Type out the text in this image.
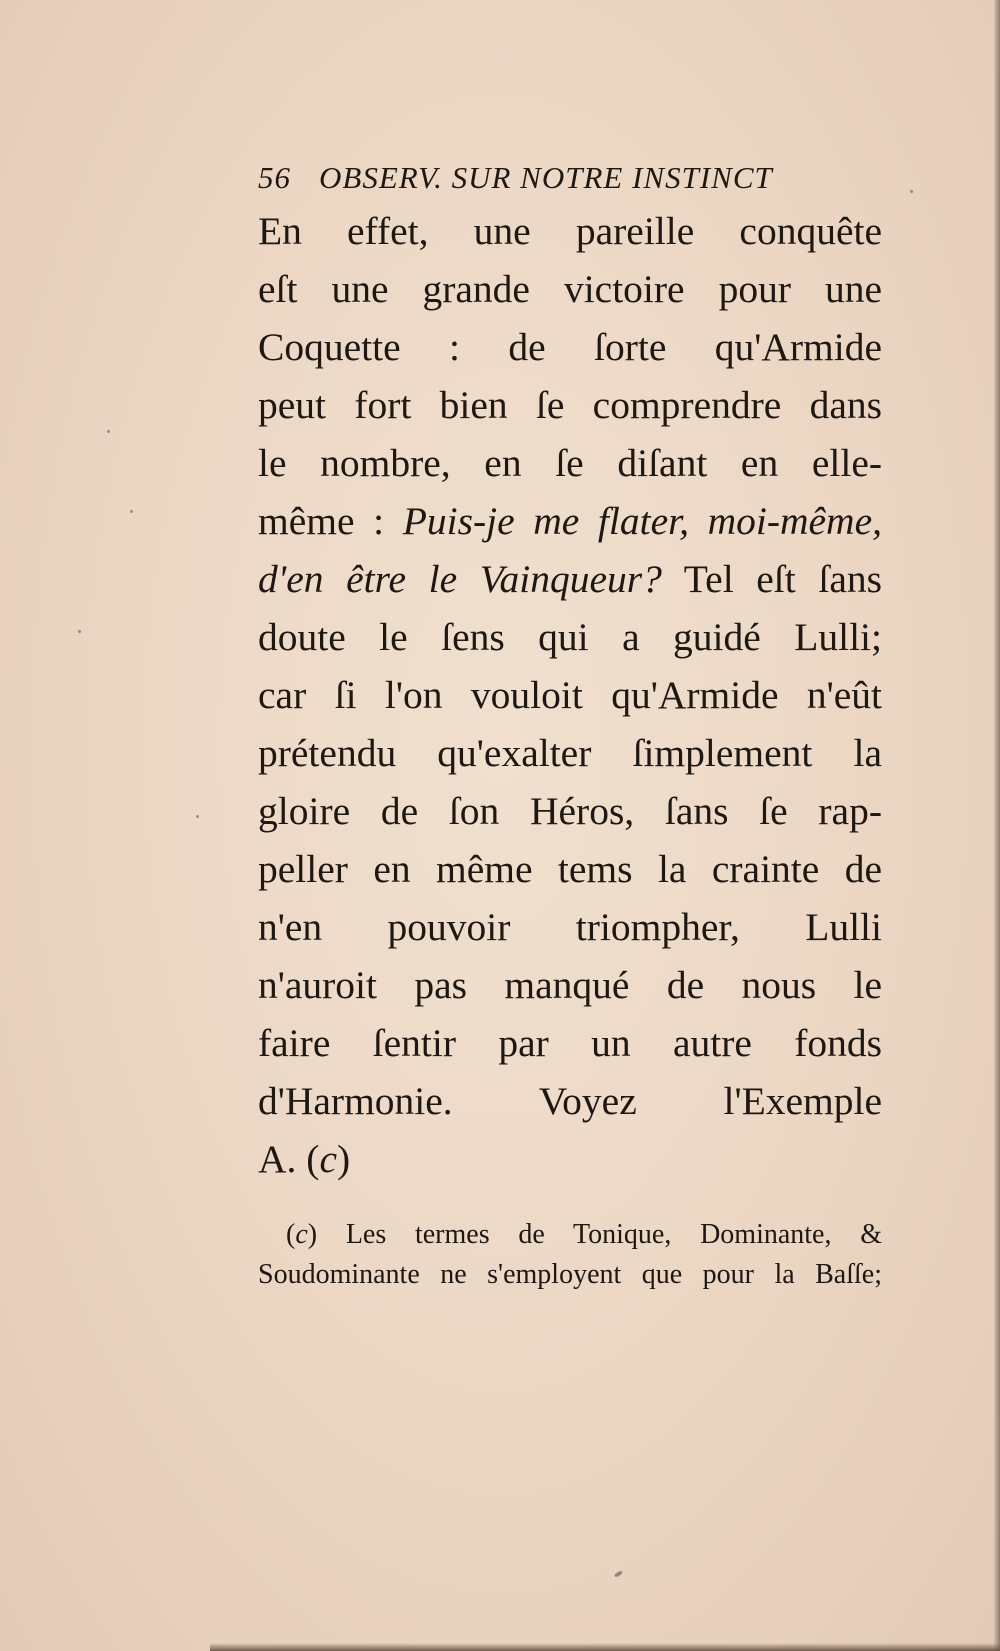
56 OBSERV. SUR NOTRE INSTINCT
En effet, une pareille conquête
eſt une grande victoire pour une
Coquette : de ſorte qu'Armide
peut fort bien ſe comprendre dans
le nombre, en ſe diſant en elle-
même : Puis-je me flater, moi-même,
d'en être le Vainqueur? Tel eſt ſans
doute le ſens qui a guidé Lulli;
car ſi l'on vouloit qu'Armide n'eût
prétendu qu'exalter ſimplement la
gloire de ſon Héros, ſans ſe rap-
peller en même tems la crainte de
n'en pouvoir triompher, Lulli
n'auroit pas manqué de nous le
faire ſentir par un autre fonds
d'Harmonie. Voyez l'Exemple
A. (c)
(c) Les termes de Tonique, Dominante, &
Soudominante ne s'employent que pour la Baſſe;
